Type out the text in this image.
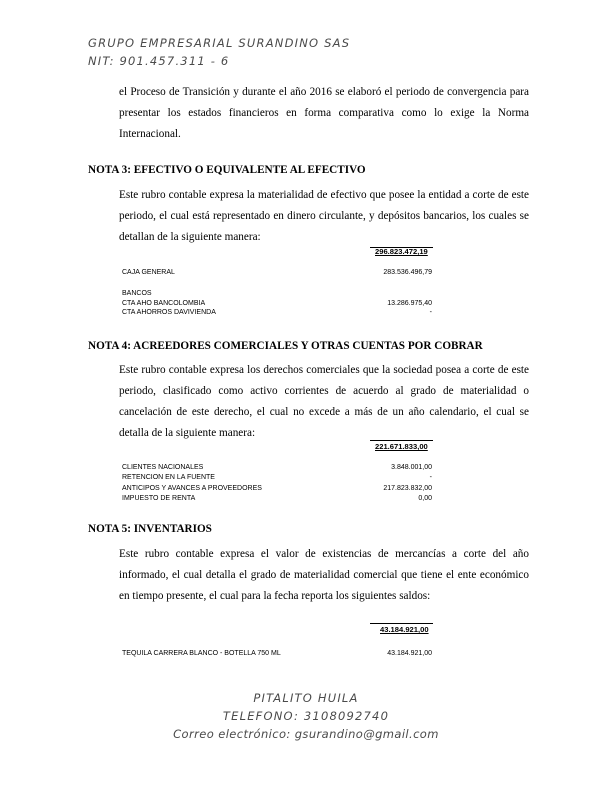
GRUPO EMPRESARIAL SURANDINO SAS
NIT: 901.457.311 - 6
el Proceso de Transición y durante el año 2016 se elaboró el periodo de convergencia para presentar los estados financieros en forma comparativa como lo exige la Norma Internacional.
NOTA 3: EFECTIVO O EQUIVALENTE AL EFECTIVO
Este rubro contable expresa la materialidad de efectivo que posee la entidad a corte de este periodo, el cual está representado en dinero circulante, y depósitos bancarios, los cuales se detallan de la siguiente manera:
296.823.472,19
CAJA GENERAL	283.536.496,79
BANCOS
CTA AHO BANCOLOMBIA	13.286.975,40
CTA AHORROS DAVIVIENDA	-
NOTA 4: ACREEDORES COMERCIALES Y OTRAS CUENTAS POR COBRAR
Este rubro contable expresa los derechos comerciales que la sociedad posea a corte de este periodo, clasificado como activo corrientes de acuerdo al grado de materialidad o cancelación de este derecho, el cual no excede a más de un año calendario, el cual se detalla de la siguiente manera:
221.671.833,00
CLIENTES NACIONALES	3.848.001,00
RETENCION EN LA FUENTE	-
ANTICIPOS Y AVANCES A PROVEEDORES	217.823.832,00
IMPUESTO DE RENTA	0,00
NOTA 5: INVENTARIOS
Este rubro contable expresa el valor de existencias de mercancías a corte del año informado, el cual detalla el grado de materialidad comercial que tiene el ente económico en tiempo presente, el cual para la fecha reporta los siguientes saldos:
43.184.921,00
TEQUILA CARRERA BLANCO - BOTELLA 750 ML	43.184.921,00
PITALITO HUILA
TELEFONO: 3108092740
Correo electrónico: gsurandino@gmail.com
